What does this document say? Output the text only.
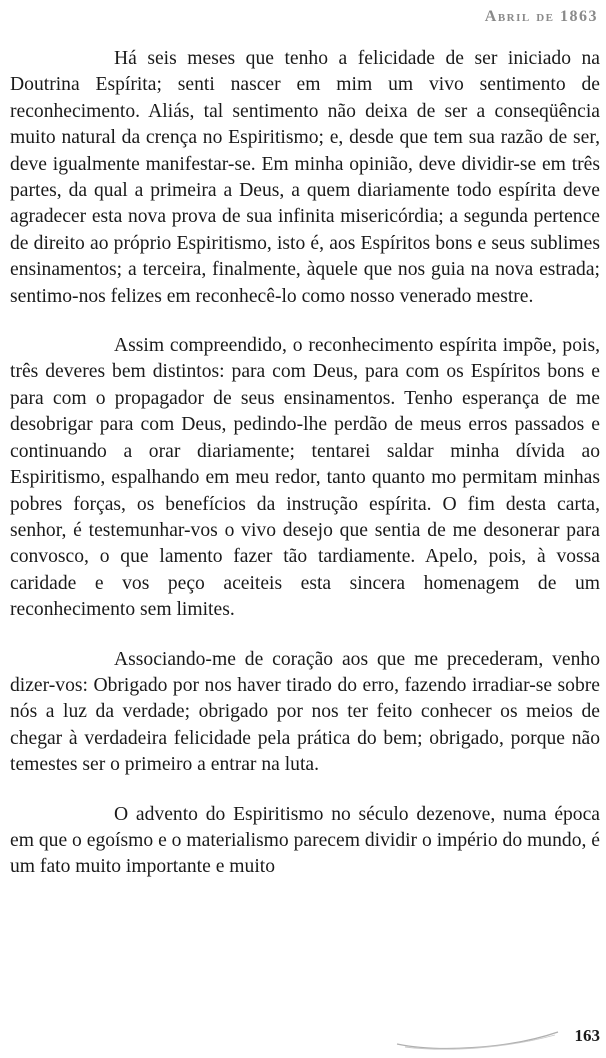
Abril de 1863

Há seis meses que tenho a felicidade de ser iniciado na Doutrina Espírita; senti nascer em mim um vivo sentimento de reconhecimento. Aliás, tal sentimento não deixa de ser a conseqüência muito natural da crença no Espiritismo; e, desde que tem sua razão de ser, deve igualmente manifestar-se. Em minha opinião, deve dividir-se em três partes, da qual a primeira a Deus, a quem diariamente todo espírita deve agradecer esta nova prova de sua infinita misericórdia; a segunda pertence de direito ao próprio Espiritismo, isto é, aos Espíritos bons e seus sublimes ensinamentos; a terceira, finalmente, àquele que nos guia na nova estrada; sentimo-nos felizes em reconhecê-lo como nosso venerado mestre.

Assim compreendido, o reconhecimento espírita impõe, pois, três deveres bem distintos: para com Deus, para com os Espíritos bons e para com o propagador de seus ensinamentos. Tenho esperança de me desobrigar para com Deus, pedindo-lhe perdão de meus erros passados e continuando a orar diariamente; tentarei saldar minha dívida ao Espiritismo, espalhando em meu redor, tanto quanto mo permitam minhas pobres forças, os benefícios da instrução espírita. O fim desta carta, senhor, é testemunhar-vos o vivo desejo que sentia de me desonerar para convosco, o que lamento fazer tão tardiamente. Apelo, pois, à vossa caridade e vos peço aceiteis esta sincera homenagem de um reconhecimento sem limites.

Associando-me de coração aos que me precederam, venho dizer-vos: Obrigado por nos haver tirado do erro, fazendo irradiar-se sobre nós a luz da verdade; obrigado por nos ter feito conhecer os meios de chegar à verdadeira felicidade pela prática do bem; obrigado, porque não temestes ser o primeiro a entrar na luta.

O advento do Espiritismo no século dezenove, numa época em que o egoísmo e o materialismo parecem dividir o império do mundo, é um fato muito importante e muito

163
